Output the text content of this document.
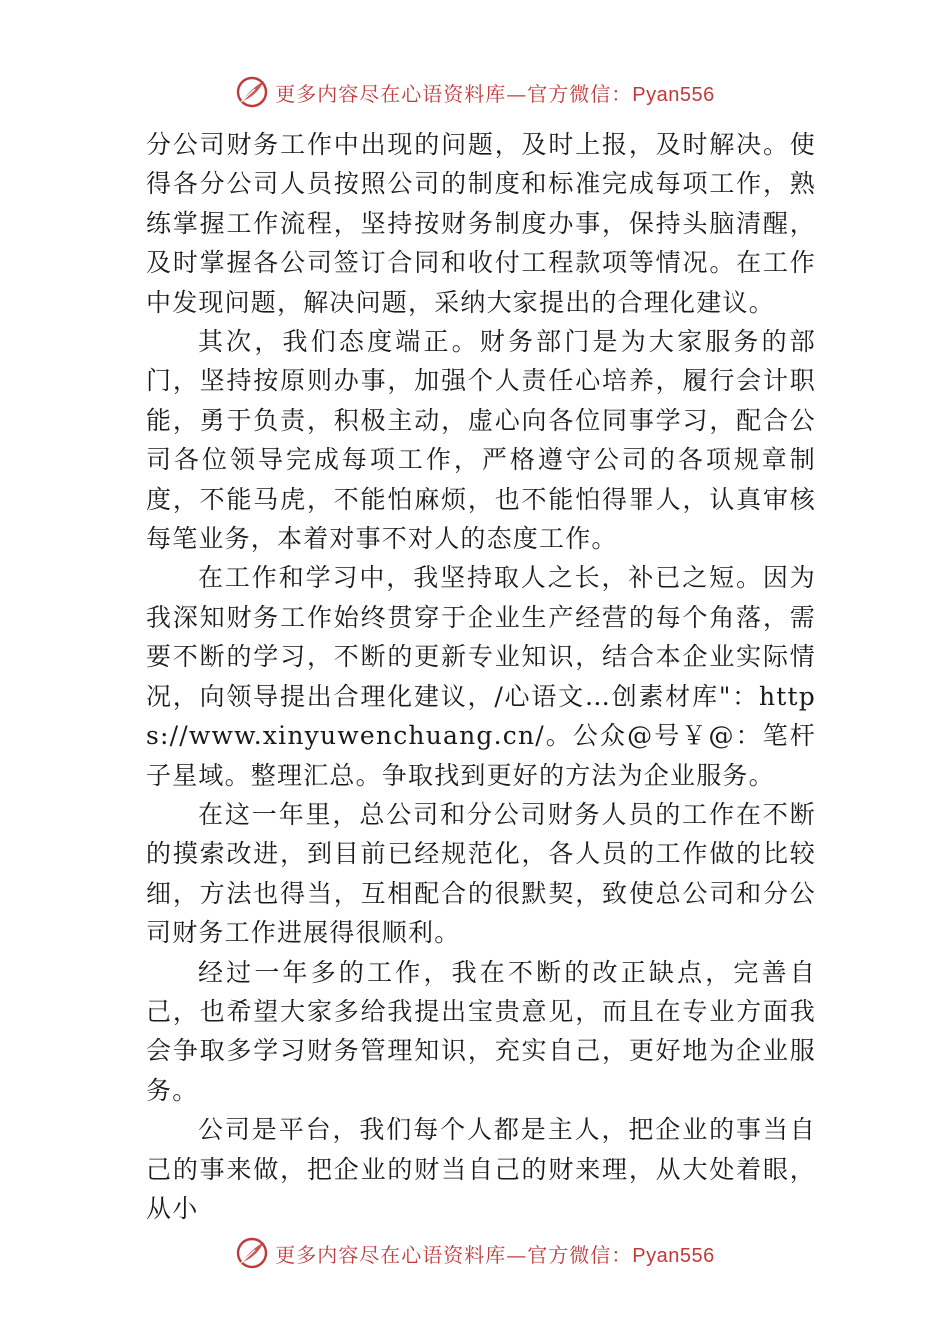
更多内容尽在心语资料库—官方微信：Pyan556

分公司财务工作中出现的问题，及时上报，及时解决。使得各分公司人员按照公司的制度和标准完成每项工作，熟练掌握工作流程，坚持按财务制度办事，保持头脑清醒，及时掌握各公司签订合同和收付工程款项等情况。在工作中发现问题，解决问题，采纳大家提出的合理化建议。

其次，我们态度端正。财务部门是为大家服务的部门，坚持按原则办事，加强个人责任心培养，履行会计职能，勇于负责，积极主动，虚心向各位同事学习，配合公司各位领导完成每项工作，严格遵守公司的各项规章制度，不能马虎，不能怕麻烦，也不能怕得罪人，认真审核每笔业务，本着对事不对人的态度工作。

在工作和学习中，我坚持取人之长，补已之短。因为我深知财务工作始终贯穿于企业生产经营的每个角落，需要不断的学习，不断的更新专业知识，结合本企业实际情况，向领导提出合理化建议，/心语文…创素材库"：https://www.xinyuwenchuang.cn/。公众@号￥@：笔杆子星域。整理汇总。争取找到更好的方法为企业服务。

在这一年里，总公司和分公司财务人员的工作在不断的摸索改进，到目前已经规范化，各人员的工作做的比较细，方法也得当，互相配合的很默契，致使总公司和分公司财务工作进展得很顺利。

经过一年多的工作，我在不断的改正缺点，完善自己，也希望大家多给我提出宝贵意见，而且在专业方面我会争取多学习财务管理知识，充实自己，更好地为企业服务。

公司是平台，我们每个人都是主人，把企业的事当自己的事来做，把企业的财当自己的财来理，从大处着眼，从小

更多内容尽在心语资料库—官方微信：Pyan556
